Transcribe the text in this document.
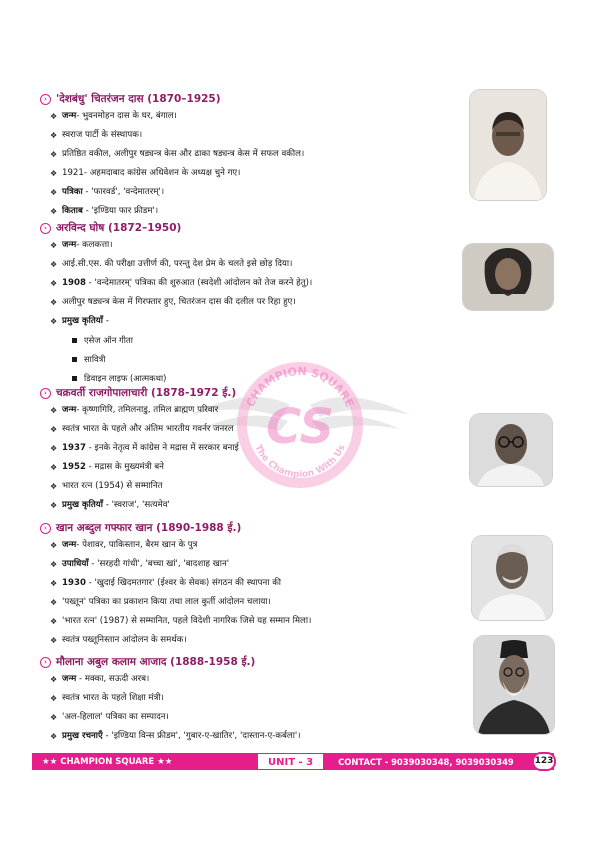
CHAMPION SQUARE
CS
The Champion With Us
› 'देशबंधु' चितरंजन दास (1870–1925)
❖ जन्म- भुवनमोहन दास के घर, बंगाल।
❖ स्वराज पार्टी के संस्थापक।
❖ प्रतिष्ठित वकील, अलीपुर षड्यन्त्र केस और ढाका षड्यन्त्र केस में सफल वकील।
❖ 1921- अहमदाबाद कांग्रेस अधिवेशन के अध्यक्ष चुने गए।
❖ पत्रिका - 'फारवर्ड', 'वन्देमातरम्'।
❖ किताब - 'इण्डिया फार फ्रीडम'।
› अरविन्द घोष (1872–1950)
❖ जन्म- कलकत्ता।
❖ आई.सी.एस. की परीक्षा उत्तीर्ण की, परन्तु देश प्रेम के चलते इसे छोड़ दिया।
❖ 1908 - 'वन्देमातरम्' पत्रिका की शुरुआत (स्वदेशी आंदोलन को तेज करने हेतु)।
❖ अलीपुर षड्यन्त्र केस में गिरफ्तार हुए, चितरंजन दास की दलील पर रिहा हुए।
❖ प्रमुख कृतियाँ -
एसेज ऑन गीता
सावित्री
डिवाइन लाइफ (आत्मकथा)
› चक्रवर्ती राजगोपालाचारी (1878-1972 ई.)
❖ जन्म- कृष्णागिरि, तमिलनाडु, तमिल ब्राह्मण परिवार
❖ स्वतंत्र भारत के पहले और अंतिम भारतीय गवर्नर जनरल
❖ 1937 - इनके नेतृत्व में कांग्रेस ने मद्रास में सरकार बनाई
❖ 1952 - मद्रास के मुख्यमंत्री बने
❖ भारत रत्न (1954) से सम्मानित
❖ प्रमुख कृतियाँ - 'स्वराज', 'सत्यमेव'
› खान अब्दुल गफ्फार खान (1890-1988 ई.)
❖ जन्म- पेशावर, पाकिस्तान, बैरम खान के पुत्र
❖ उपाधियाँ - 'सरहदी गांधी', 'बच्चा खां', 'बादशाह खान'
❖ 1930 - 'खुदाई खिदमतगार' (ईश्वर के सेवक) संगठन की स्थापना की
❖ 'पख्तून' पत्रिका का प्रकाशन किया तथा लाल कुर्ती आंदोलन चलाया।
❖ 'भारत रत्न' (1987) से सम्मानित, पहले विदेशी नागरिक जिसे यह सम्मान मिला।
❖ स्वतंत्र पख्तूनिस्तान आंदोलन के समर्थक।
› मौलाना अबुल कलाम आजाद (1888-1958 ई.)
❖ जन्म - मक्का, सऊदी अरब।
❖ स्वतंत्र भारत के पहले शिक्षा मंत्री।
❖ 'अल-हिलाल' पत्रिका का सम्पादन।
❖ प्रमुख रचनाएँ - 'इण्डिया विन्स फ्रीडम', 'गुबार-ए-खातिर', 'दास्तान-ए-कर्बला'।
★★ CHAMPION SQUARE ★★	UNIT - 3	CONTACT - 9039030348, 9039030349 123
